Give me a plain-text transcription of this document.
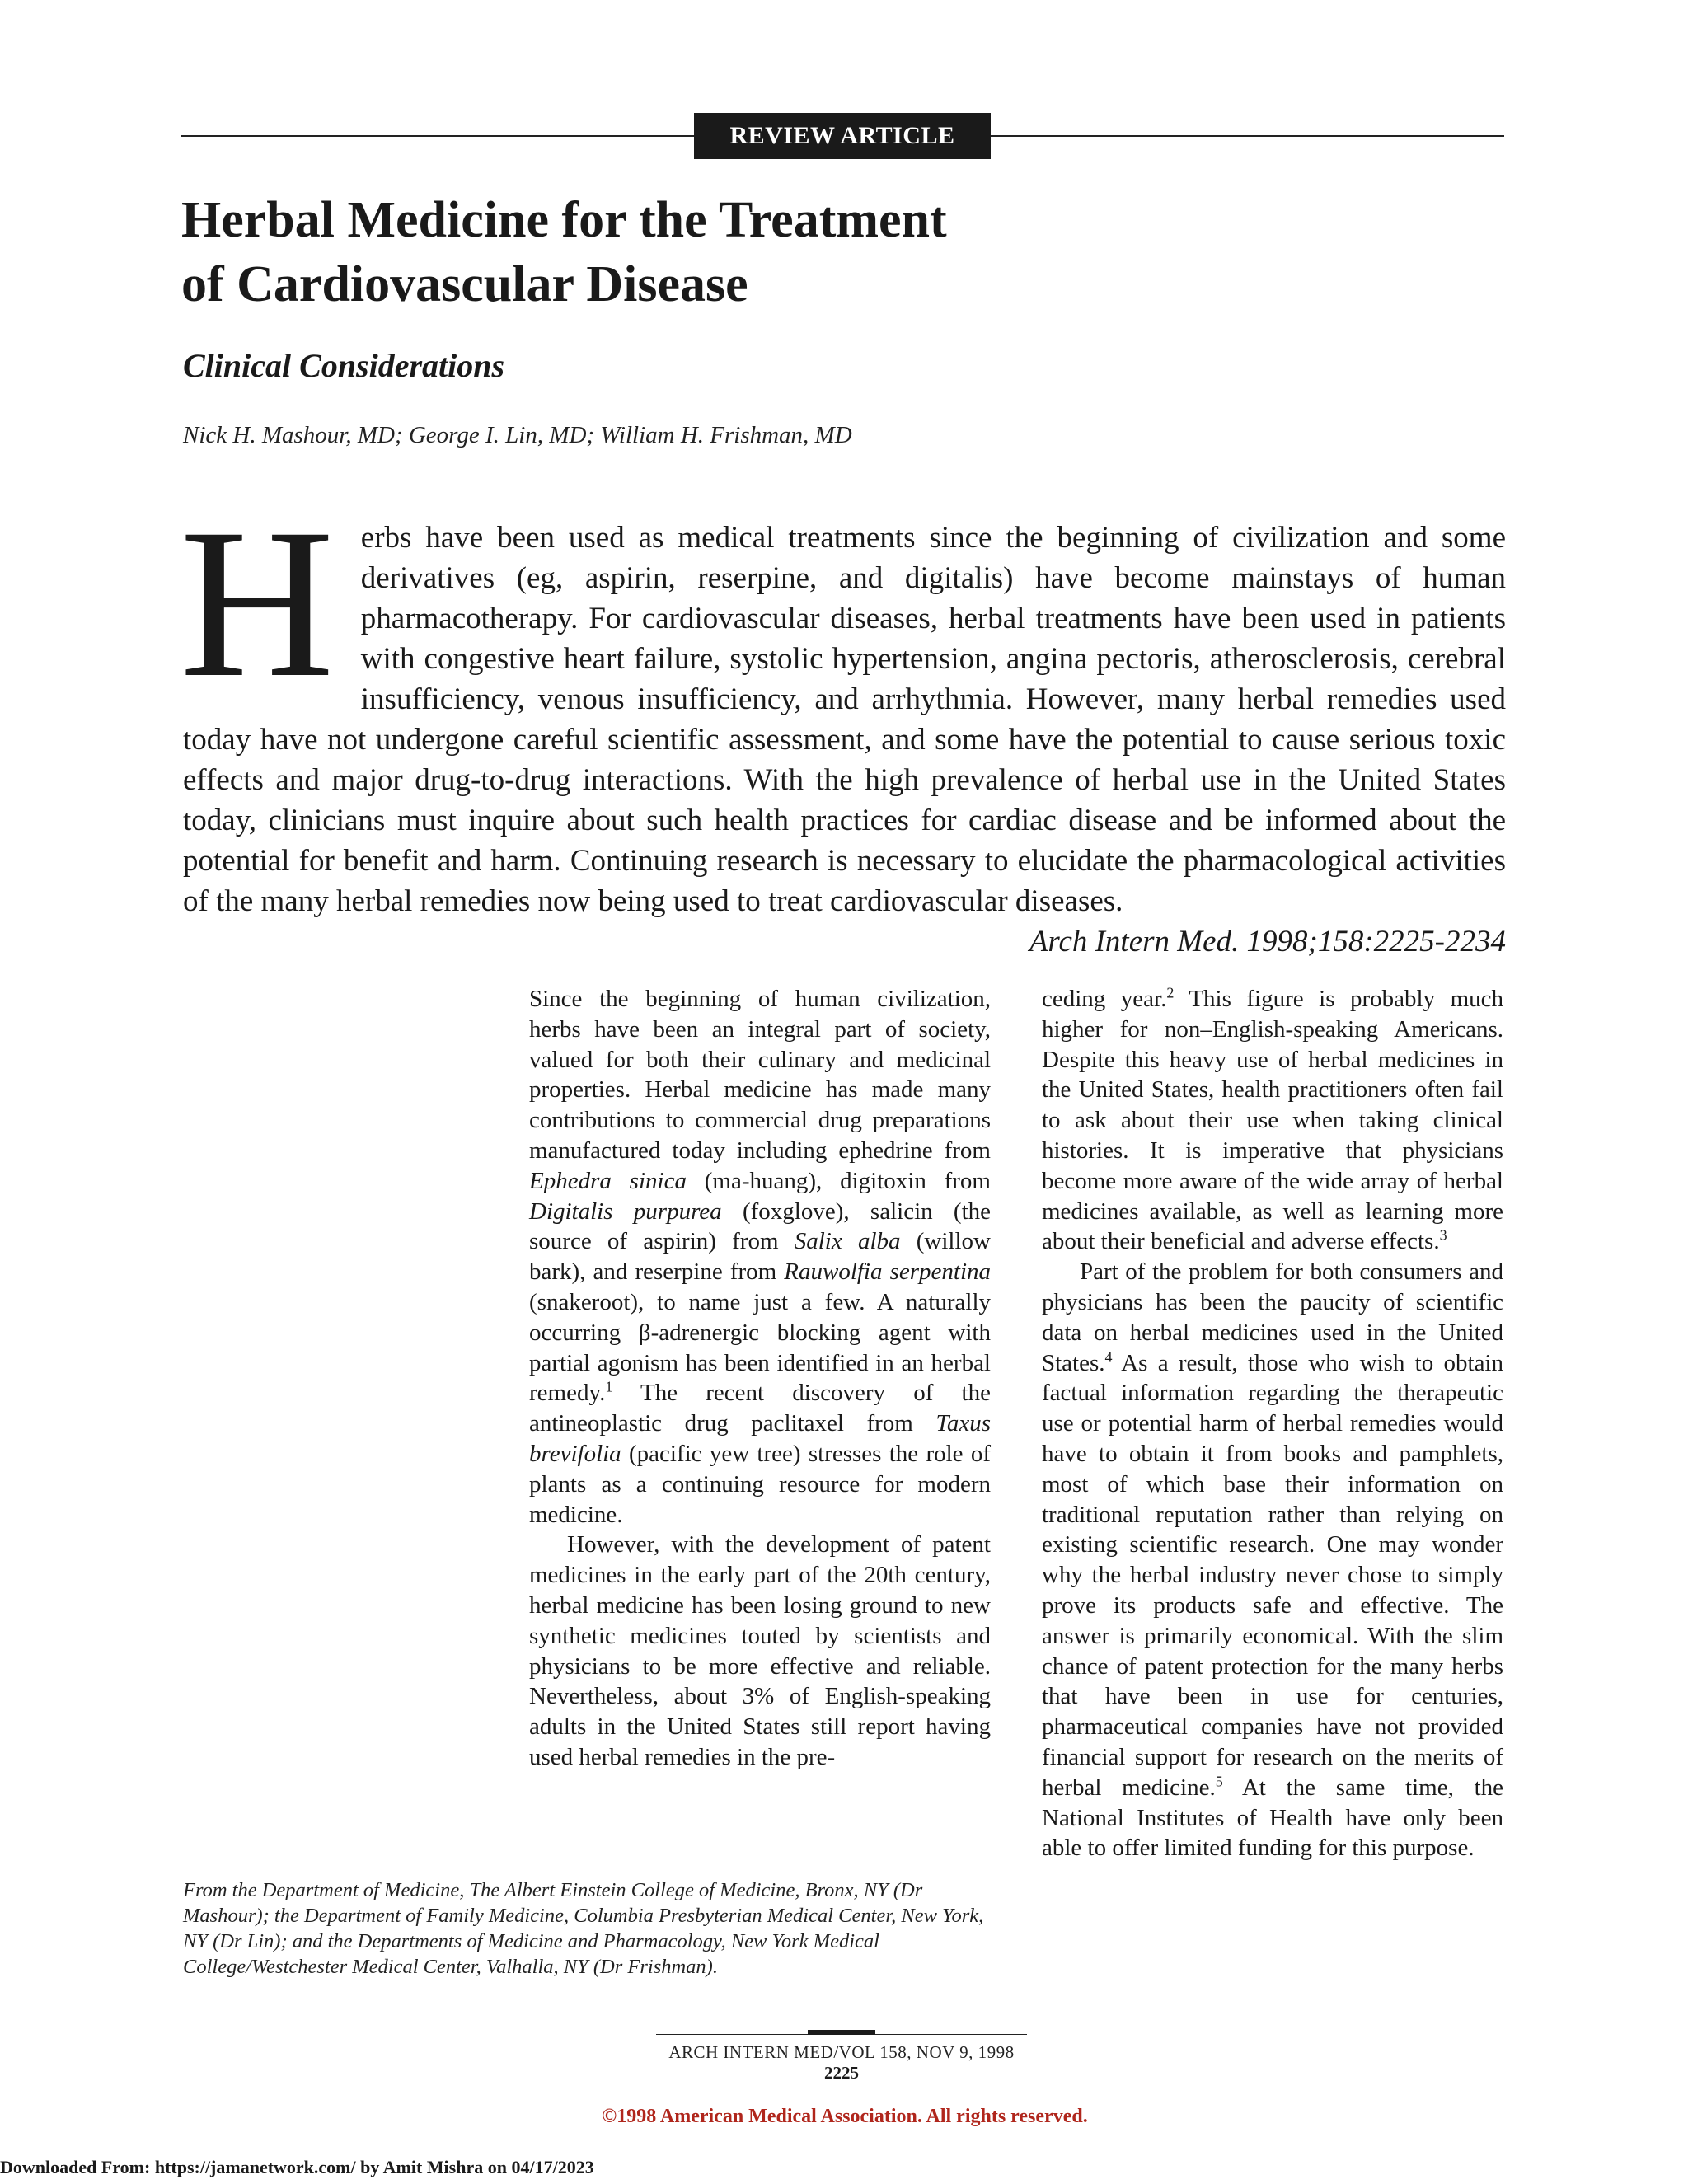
REVIEW ARTICLE
Herbal Medicine for the Treatment
of Cardiovascular Disease
Clinical Considerations
Nick H. Mashour, MD; George I. Lin, MD; William H. Frishman, MD
Herbs have been used as medical treatments since the beginning of civilization and some derivatives (eg, aspirin, reserpine, and digitalis) have become mainstays of human pharmacotherapy. For cardiovascular diseases, herbal treatments have been used in patients with congestive heart failure, systolic hypertension, angina pectoris, atherosclerosis, cerebral insufficiency, venous insufficiency, and arrhythmia. However, many herbal remedies used today have not undergone careful scientific assessment, and some have the potential to cause serious toxic effects and major drug-to-drug interactions. With the high prevalence of herbal use in the United States today, clinicians must inquire about such health practices for cardiac disease and be informed about the potential for benefit and harm. Continuing research is necessary to elucidate the pharmacological activities of the many herbal remedies now being used to treat cardiovascular diseases.
Arch Intern Med. 1998;158:2225-2234

Since the beginning of human civilization, herbs have been an integral part of society, valued for both their culinary and medicinal properties. Herbal medicine has made many contributions to commercial drug preparations manufactured today including ephedrine from Ephedra sinica (ma-huang), digitoxin from Digitalis purpurea (foxglove), salicin (the source of aspirin) from Salix alba (willow bark), and reserpine from Rauwolfia serpentina (snakeroot), to name just a few. A naturally occurring β-adrenergic blocking agent with partial agonism has been identified in an herbal remedy.$^1$ The recent discovery of the antineoplastic drug paclitaxel from Taxus brevifolia (pacific yew tree) stresses the role of plants as a continuing resource for modern medicine.

However, with the development of patent medicines in the early part of the 20th century, herbal medicine has been losing ground to new synthetic medicines touted by scientists and physicians to be more effective and reliable. Nevertheless, about 3% of English-speaking adults in the United States still report having used herbal remedies in the pre-

ceding year.$^2$ This figure is probably much higher for non–English-speaking Americans. Despite this heavy use of herbal medicines in the United States, health practitioners often fail to ask about their use when taking clinical histories. It is imperative that physicians become more aware of the wide array of herbal medicines available, as well as learning more about their beneficial and adverse effects.$^3$

Part of the problem for both consumers and physicians has been the paucity of scientific data on herbal medicines used in the United States.$^4$ As a result, those who wish to obtain factual information regarding the therapeutic use or potential harm of herbal remedies would have to obtain it from books and pamphlets, most of which base their information on traditional reputation rather than relying on existing scientific research. One may wonder why the herbal industry never chose to simply prove its products safe and effective. The answer is primarily economical. With the slim chance of patent protection for the many herbs that have been in use for centuries, pharmaceutical companies have not provided financial support for research on the merits of herbal medicine.$^5$ At the same time, the National Institutes of Health have only been able to offer limited funding for this purpose.

From the Department of Medicine, The Albert Einstein College of Medicine, Bronx, NY (Dr Mashour); the Department of Family Medicine, Columbia Presbyterian Medical Center, New York, NY (Dr Lin); and the Departments of Medicine and Pharmacology, New York Medical College/Westchester Medical Center, Valhalla, NY (Dr Frishman).
ARCH INTERN MED/VOL 158, NOV 9, 1998
2225
©1998 American Medical Association. All rights reserved.
Downloaded From: https://jamanetwork.com/ by Amit Mishra on 04/17/2023
